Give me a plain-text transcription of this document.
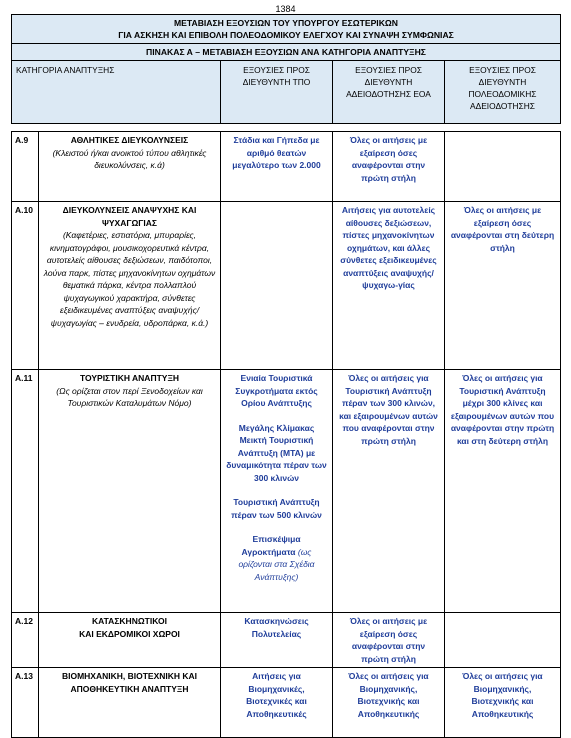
1384
ΜΕΤΑΒΙΑΣΗ ΕΞΟΥΣΙΩΝ ΤΟΥ ΥΠΟΥΡΓΟΥ ΕΣΩΤΕΡΙΚΩΝ
ΓΙΑ ΑΣΚΗΣΗ ΚΑΙ ΕΠΙΒΟΛΗ ΠΟΛΕΟΔΟΜΙΚΟΥ ΕΛΕΓΧΟΥ ΚΑΙ ΣΥΝΑΨΗ ΣΥΜΦΩΝΙΑΣ
ΠΙΝΑΚΑΣ Α – ΜΕΤΑΒΙΑΣΗ ΕΞΟΥΣΙΩΝ ΑΝΑ ΚΑΤΗΓΟΡΙΑ ΑΝΑΠΤΥΞΗΣ
ΚΑΤΗΓΟΡΙΑ ΑΝΑΠΤΥΞΗΣ	ΕΞΟΥΣΙΕΣ ΠΡΟΣ ΔΙΕΥΘΥΝΤΗ ΤΠΟ	ΕΞΟΥΣΙΕΣ ΠΡΟΣ ΔΙΕΥΘΥΝΤΗ ΑΔΕΙΟΔΟΤΗΣΗΣ ΕΟΑ	ΕΞΟΥΣΙΕΣ ΠΡΟΣ ΔΙΕΥΘΥΝΤΗ ΠΟΛΕΟΔΟΜΙΚΗΣ ΑΔΕΙΟΔΟΤΗΣΗΣ
A.9	ΑΘΛΗΤΙΚΕΣ ΔΙΕΥΚΟΛΥΝΣΕΙΣ
(Κλειστού ή/και ανοικτού τύπου αθλητικές διευκολύνσεις, κ.ά)	Στάδια και Γήπεδα με αριθμό θεατών μεγαλύτερο των 2.000	Όλες οι αιτήσεις με εξαίρεση όσες αναφέρονται στην πρώτη στήλη	

A.10	ΔΙΕΥΚΟΛΥΝΣΕΙΣ ΑΝΑΨΥΧΗΣ ΚΑΙ ΨΥΧΑΓΩΓΙΑΣ
(Καφετέριες, εστιατόρια, μπυραρίες, κινηματογράφοι, μουσικοχορευτικά κέντρα, αυτοτελείς αίθουσες δεξιώσεων, παιδότοποι, λούνα παρκ, πίστες μηχανοκίνητων οχημάτων θεματικά πάρκα, κέντρα πολλαπλού ψυχαγωγικού χαρακτήρα, σύνθετες εξειδικευμένες αναπτύξεις αναψυχής/ψυχαγωγίας – ενυδρεία, υδροπάρκα, κ.ά.)		Αιτήσεις για αυτοτελείς αίθουσες δεξιώσεων, πίστες μηχανοκίνητων οχημάτων, και άλλες σύνθετες εξειδικευμένες αναπτύξεις αναψυχής/ψυχαγω-γίας	Όλες οι αιτήσεις με εξαίρεση όσες αναφέρονται στη δεύτερη στήλη

A.11	ΤΟΥΡΙΣΤΙΚΗ ΑΝΑΠΤΥΞΗ
(Ως ορίζεται στον περί Ξενοδοχείων και Τουριστικών Καταλυμάτων Νόμο)	Ενιαία Τουριστικά Συγκροτήματα εκτός Ορίου Ανάπτυξης
Μεγάλης Κλίμακας Μεικτή Τουριστική Ανάπτυξη (ΜΤΑ) με δυναμικότητα πέραν των 300 κλινών
Τουριστική Ανάπτυξη πέραν των 500 κλινών
Επισκέψιμα Αγροκτήματα (ως ορίζονται στα Σχέδια Ανάπτυξης)	Όλες οι αιτήσεις για Τουριστική Ανάπτυξη πέραν των 300 κλινών, και εξαιρουμένων αυτών που αναφέρονται στην πρώτη στήλη	Όλες οι αιτήσεις για Τουριστική Ανάπτυξη μέχρι 300 κλίνες και εξαιρουμένων αυτών που αναφέρονται στην πρώτη και στη δεύτερη στήλη

A.12	ΚΑΤΑΣΚΗΝΩΤΙΚΟΙ
ΚΑΙ ΕΚΔΡΟΜΙΚΟΙ ΧΩΡΟΙ	Κατασκηνώσεις Πολυτελείας	Όλες οι αιτήσεις με εξαίρεση όσες αναφέρονται στην πρώτη στήλη	

A.13	ΒΙΟΜΗΧΑΝΙΚΗ, ΒΙΟΤΕΧΝΙΚΗ ΚΑΙ ΑΠΟΘΗΚΕΥΤΙΚΗ ΑΝΑΠΤΥΞΗ	Αιτήσεις για Βιομηχανικές, Βιοτεχνικές και Αποθηκευτικές	Όλες οι αιτήσεις για Βιομηχανικής, Βιοτεχνικής και Αποθηκευτικής	Όλες οι αιτήσεις για Βιομηχανικής, Βιοτεχνικής και Αποθηκευτικής
